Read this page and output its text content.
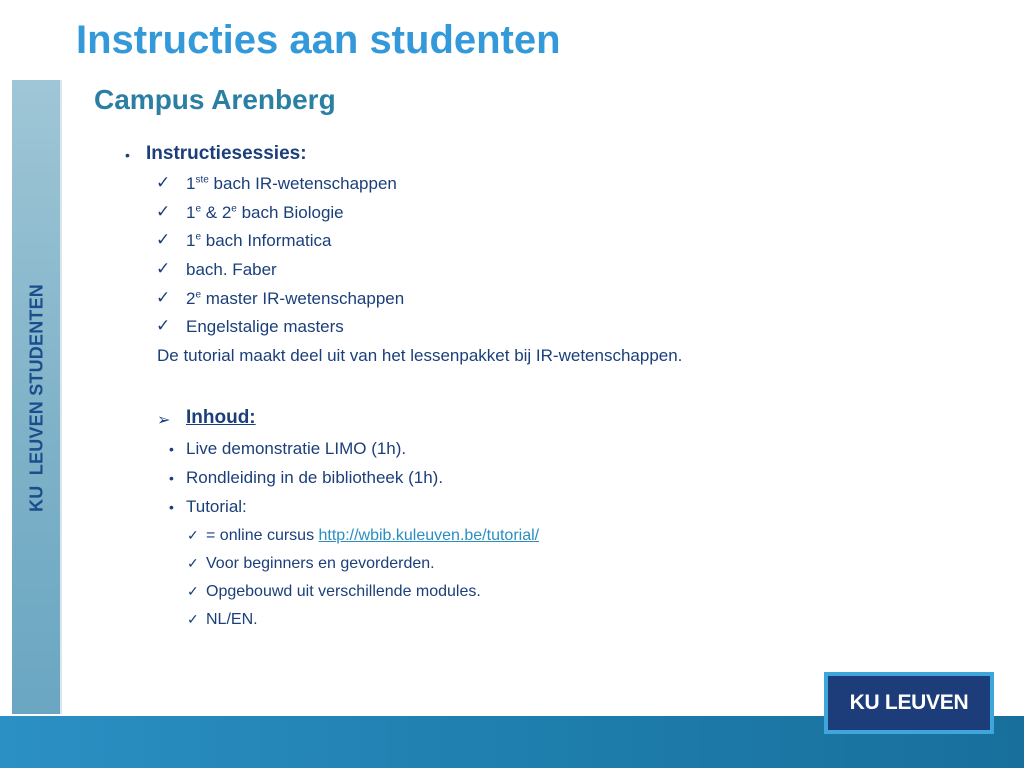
Instructies aan studenten
KU  LEUVEN STUDENTEN
Campus Arenberg
• Instructiesessies:
✓ 1ste bach IR-wetenschappen
✓ 1e & 2e bach Biologie
✓ 1e bach Informatica
✓ bach. Faber
✓ 2e master IR-wetenschappen
✓ Engelstalige masters
De tutorial maakt deel uit van het lessenpakket bij IR-wetenschappen.
➢ Inhoud:
• Live demonstratie LIMO (1h).
• Rondleiding in de bibliotheek (1h).
• Tutorial:
✓ = online cursus http://wbib.kuleuven.be/tutorial/
✓ Voor beginners en gevorderden.
✓ Opgebouwd uit verschillende modules.
✓ NL/EN.
KU LEUVEN
